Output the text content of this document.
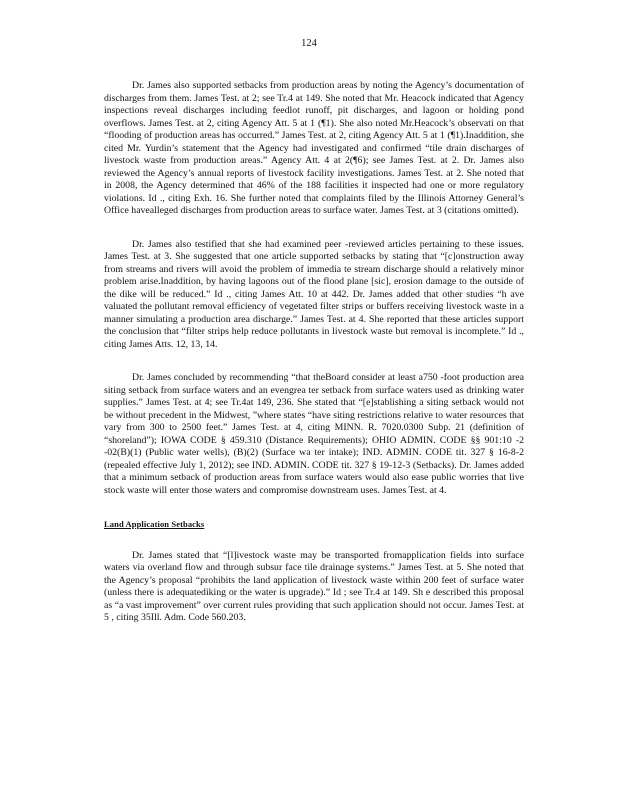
124

Dr. James also supported setbacks from production areas by noting the Agency’s documentation of discharges from them. James Test. at 2; see Tr.4 at 149. She noted that Mr. Heacock indicated that Agency inspections reveal discharges including feedlot runoff, pit discharges, and lagoon or holding pond overflows. James Test. at 2, citing Agency Att. 5 at 1 (¶1). She also noted Mr.Heacock’s observati on that “flooding of production areas has occurred.” James Test. at 2, citing Agency Att. 5 at 1 (¶1).Inaddition, she cited Mr. Yurdin’s statement that the Agency had investigated and confirmed “tile drain discharges of livestock waste from production areas.” Agency Att. 4 at 2(¶6); see James Test. at 2. Dr. James also reviewed the Agency’s annual reports of livestock facility investigations. James Test. at 2. She noted that in 2008, the Agency determined that 46% of the 188 facilities it inspected had one or more regulatory violations. Id ., citing Exh. 16. She further noted that complaints filed by the Illinois Attorney General’s Office havealleged discharges from production areas to surface water. James Test. at 3 (citations omitted).

Dr. James also testified that she had examined peer -reviewed articles pertaining to these issues. James Test. at 3. She suggested that one article supported setbacks by stating that “[c]onstruction away from streams and rivers will avoid the problem of immedia te stream discharge should a relatively minor problem arise.Inaddition, by having lagoons out of the flood plane [sic], erosion damage to the outside of the dike will be reduced.” Id ., citing James Att. 10 at 442. Dr. James added that other studies “h ave valuated the pollutant removal efficiency of vegetated filter strips or buffers receiving livestock waste in a manner simulating a production area discharge.” James Test. at 4. She reported that these articles support the conclusion that “filter strips help reduce pollutants in livestock waste but removal is incomplete.” Id ., citing James Atts. 12, 13, 14.

Dr. James concluded by recommending “that theBoard consider at least a750 -foot production area siting setback from surface waters and an evengrea ter setback from surface waters used as drinking water supplies.” James Test. at 4; see Tr.4at 149, 236. She stated that “[e]stablishing a siting setback would not be without precedent in the Midwest, ”where states “have siting restrictions relative to water resources that vary from 300 to 2500 feet.” James Test. at 4, citing MINN. R. 7020.0300 Subp. 21 (definition of “shoreland”); IOWA CODE § 459.310 (Distance Requirements); OHIO ADMIN. CODE §§ 901:10 -2 -02(B)(1) (Public water wells), (B)(2) (Surface wa ter intake); IND. ADMIN. CODE tit. 327 § 16-8-2 (repealed effective July 1, 2012); see IND. ADMIN. CODE tit. 327 § 19-12-3 (Setbacks). Dr. James added that a minimum setback of production areas from surface waters would also ease public worries that live stock waste will enter those waters and compromise downstream uses. James Test. at 4.

Land Application Setbacks

Dr. James stated that “[l]ivestock waste may be transported fromapplication fields into surface waters via overland flow and through subsur face tile drainage systems.” James Test. at 5. She noted that the Agency’s proposal “prohibits the land application of livestock waste within 200 feet of surface water (unless there is adequatediking or the water is upgrade).” Id ; see Tr.4 at 149. Sh e described this proposal as “a vast improvement” over current rules providing that such application should not occur. James Test. at 5 , citing 35Ill. Adm. Code 560.203.
